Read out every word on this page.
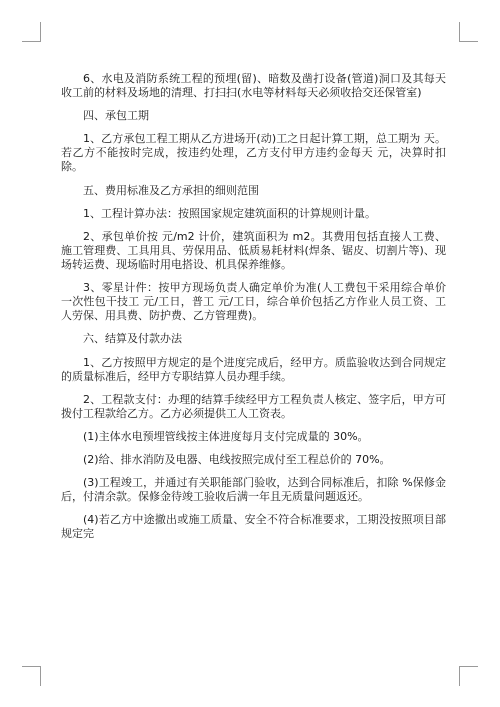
6、水电及消防系统工程的预埋(留)、暗数及凿打设备(管道)洞口及其每天收工前的材料及场地的清理、打扫扫(水电等材料每天必须收拾交还保管室)

四、承包工期

1、乙方承包工程工期从乙方进场开(动)工之日起计算工期，总工期为 天。若乙方不能按时完成，按违约处理，乙方支付甲方违约金每天 元，决算时扣除。

五、费用标准及乙方承担的细则范围

1、工程计算办法：按照国家规定建筑面积的计算规则计量。

2、承包单价按 元/m2 计价，建筑面积为 m2。其费用包括直接人工费、施工管理费、工具用具、劳保用品、低质易耗材料(焊条、锯皮、切割片等)、现场转运费、现场临时用电搭设、机具保养维修。

3、零星计件：按甲方现场负责人确定单价为准(人工费包干采用综合单价一次性包干技工 元/工日，普工 元/工日，综合单价包括乙方作业人员工资、工人劳保、用具费、防护费、乙方管理费)。

六、结算及付款办法

1、乙方按照甲方规定的是个进度完成后，经甲方。质监验收达到合同规定的质量标准后，经甲方专职结算人员办理手续。

2、工程款支付：办理的结算手续经甲方工程负责人核定、签字后，甲方可拨付工程款给乙方。乙方必须提供工人工资表。

(1)主体水电预埋管线按主体进度每月支付完成量的 30%。

(2)给、排水消防及电器、电线按照完成付至工程总价的 70%。

(3)工程竣工，并通过有关职能部门验收，达到合同标准后，扣除 %保修金后，付清余款。保修金待竣工验收后满一年且无质量问题返还。

(4)若乙方中途撤出或施工质量、安全不符合标准要求，工期没按照项目部规定完
